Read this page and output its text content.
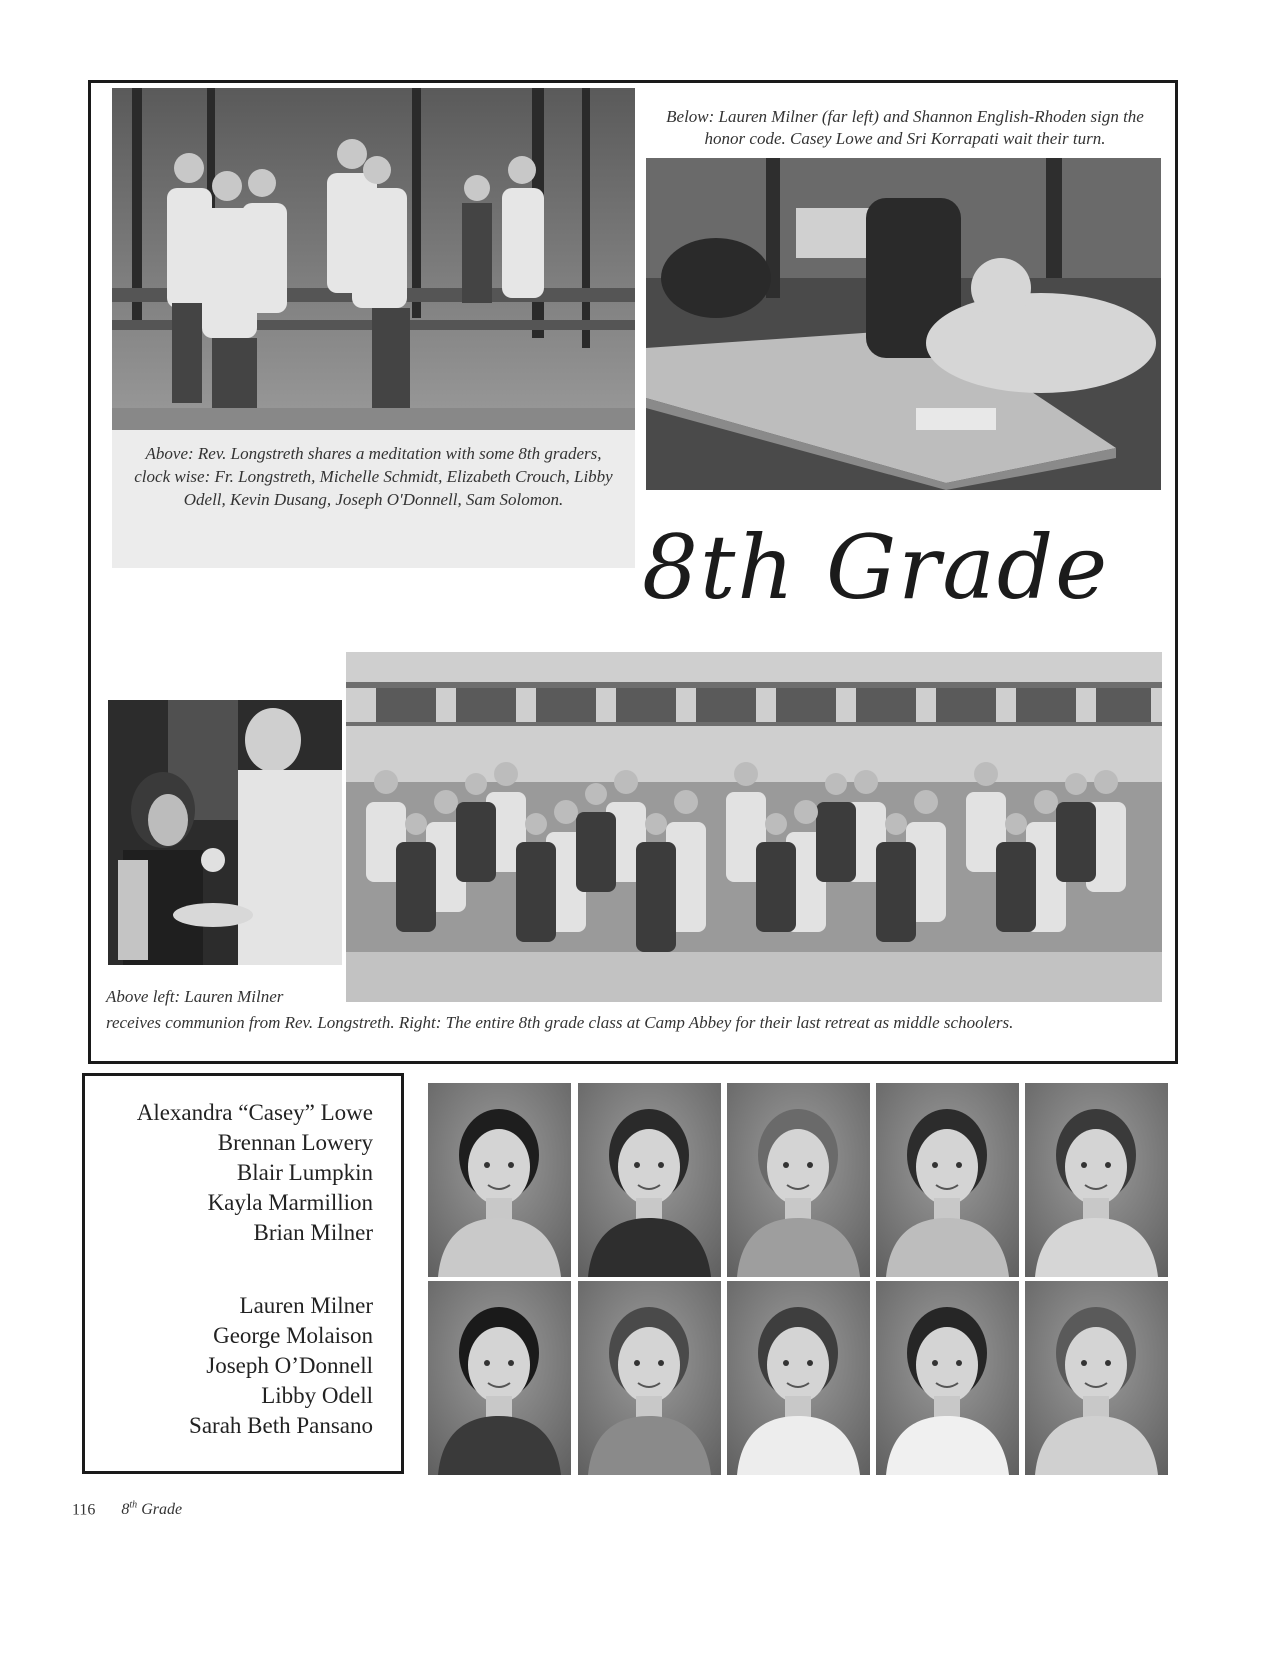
Above: Rev. Longstreth shares a meditation with some 8th graders, clock wise: Fr. Longstreth, Michelle Schmidt, Elizabeth Crouch, Libby Odell, Kevin Dusang, Joseph O'Donnell, Sam Solomon.
Below: Lauren Milner (far left) and Shannon English-Rhoden sign the honor code. Casey Lowe and Sri Korrapati wait their turn.
8th Grade
Above left: Lauren Milner
receives communion from Rev. Longstreth. Right: The entire 8th grade class at Camp Abbey for their last retreat as middle schoolers.
Alexandra “Casey” Lowe
Brennan Lowery
Blair Lumpkin
Kayla Marmillion
Brian Milner
Lauren Milner
George Molaison
Joseph O’Donnell
Libby Odell
Sarah Beth Pansano
116 8th Grade
